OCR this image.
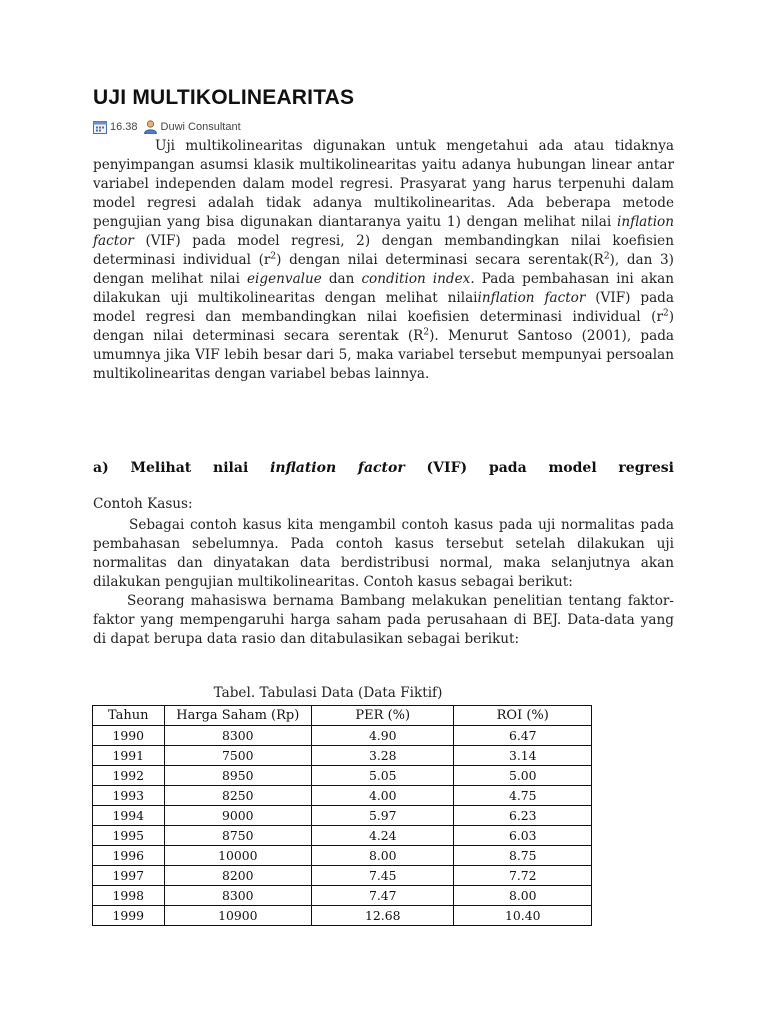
UJI MULTIKOLINEARITAS
16.38 Duwi Consultant
Uji multikolinearitas digunakan untuk mengetahui ada atau tidaknya penyimpangan asumsi klasik multikolinearitas yaitu adanya hubungan linear antar variabel independen dalam model regresi. Prasyarat yang harus terpenuhi dalam model regresi adalah tidak adanya multikolinearitas. Ada beberapa metode pengujian yang bisa digunakan diantaranya yaitu 1) dengan melihat nilai inflation factor (VIF) pada model regresi, 2) dengan membandingkan nilai koefisien determinasi individual $(r^2)$ dengan nilai determinasi secara $serentak(R^2)$, dan 3) dengan melihat nilai eigenvalue dan condition index. Pada pembahasan ini akan dilakukan uji multikolinearitas dengan melihat nilaiinflation factor (VIF) pada model regresi dan membandingkan nilai koefisien determinasi individual $(r^2)$ dengan nilai determinasi secara serentak $(R^2)$. Menurut Santoso (2001), pada umumnya jika VIF lebih besar dari 5, maka variabel tersebut mempunyai persoalan multikolinearitas dengan variabel bebas lainnya.
a) Melihat nilai inflation factor (VIF) pada model regresi
Contoh Kasus:
Sebagai contoh kasus kita mengambil contoh kasus pada uji normalitas pada pembahasan sebelumnya. Pada contoh kasus tersebut setelah dilakukan uji normalitas dan dinyatakan data berdistribusi normal, maka selanjutnya akan dilakukan pengujian multikolinearitas. Contoh kasus sebagai berikut:
Seorang mahasiswa bernama Bambang melakukan penelitian tentang faktor-faktor yang mempengaruhi harga saham pada perusahaan di BEJ. Data-data yang di dapat berupa data rasio dan ditabulasikan sebagai berikut:
Tabel. Tabulasi Data (Data Fiktif)
Tahun	Harga Saham (Rp)	PER (%)	ROI (%)
1990	8300	4.90	6.47
1991	7500	3.28	3.14
1992	8950	5.05	5.00
1993	8250	4.00	4.75
1994	9000	5.97	6.23
1995	8750	4.24	6.03
1996	10000	8.00	8.75
1997	8200	7.45	7.72
1998	8300	7.47	8.00
1999	10900	12.68	10.40
